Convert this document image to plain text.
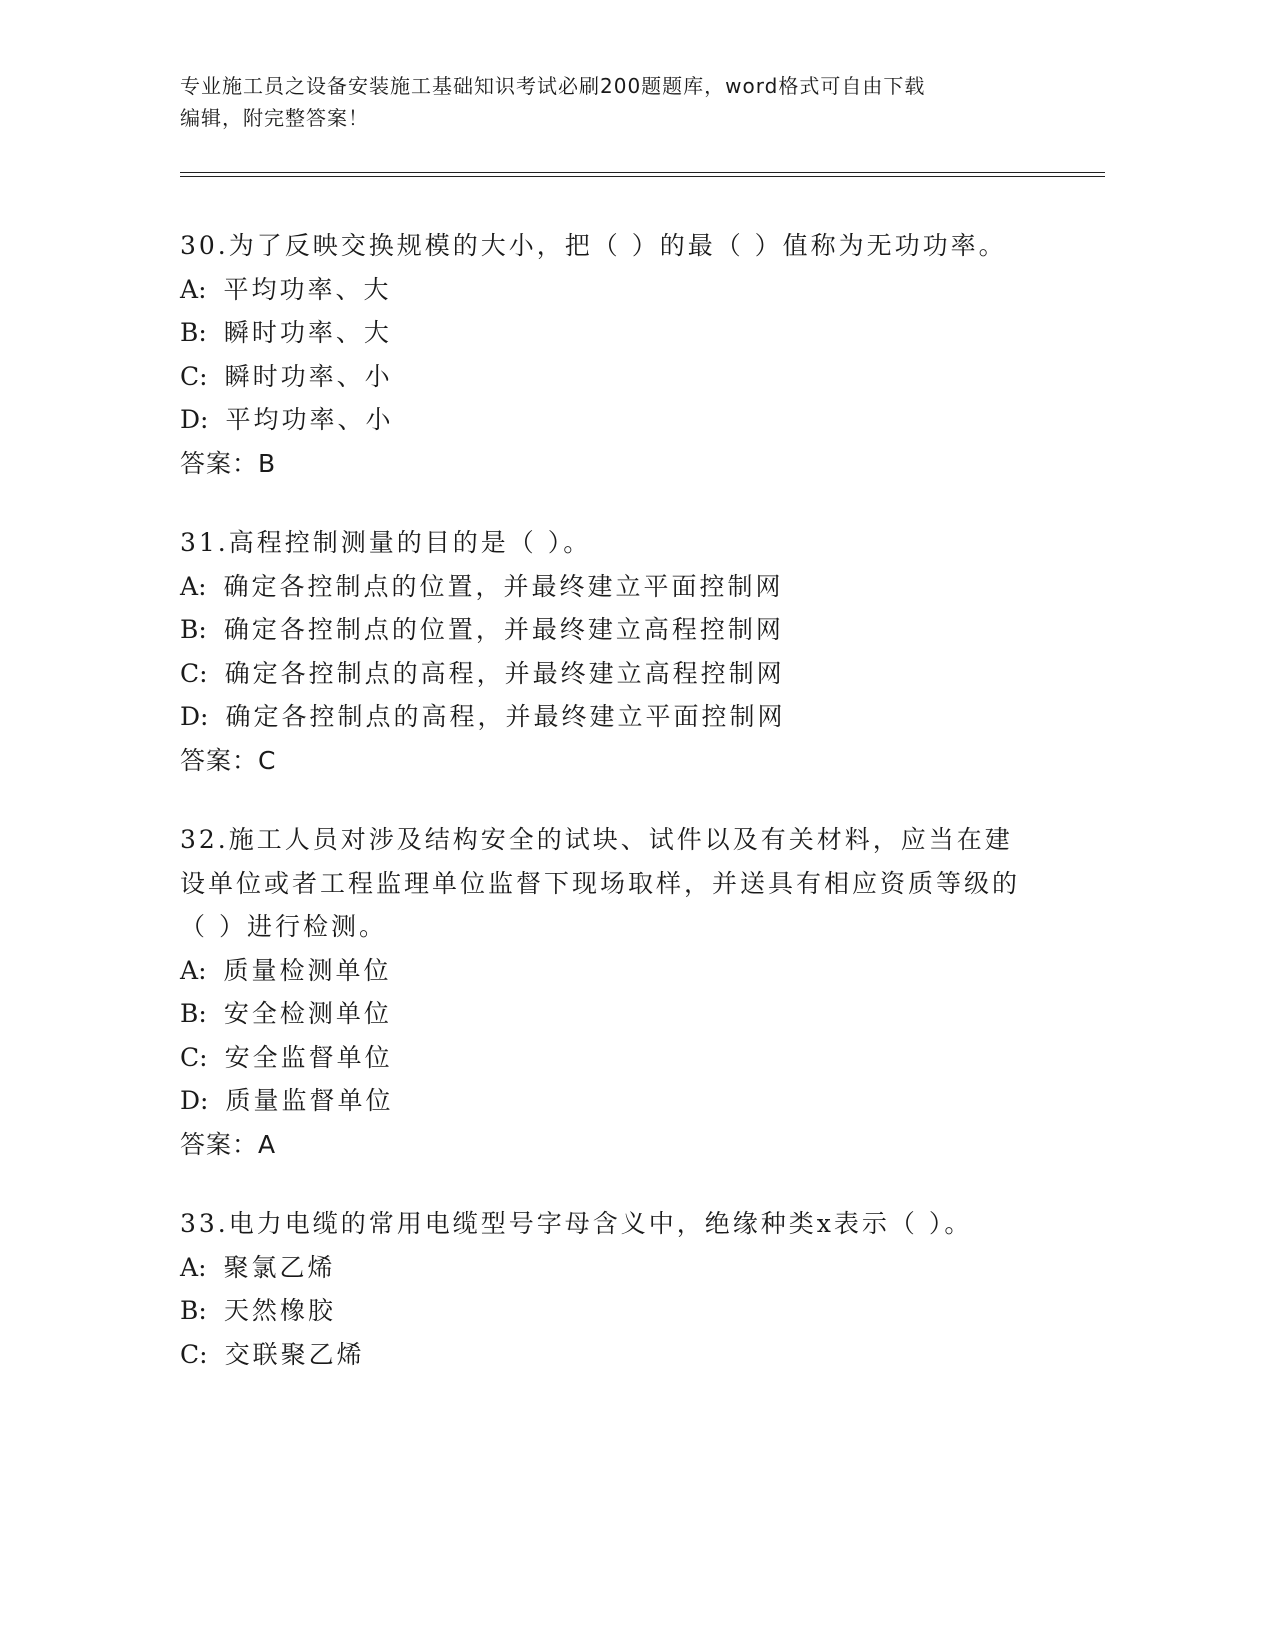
专业施工员之设备安装施工基础知识考试必刷200题题库，word格式可自由下载
编辑，附完整答案！
30.为了反映交换规模的大小，把（ ）的最（ ）值称为无功功率。
A: 平均功率、大
B: 瞬时功率、大
C: 瞬时功率、小
D: 平均功率、小
答案：B
31.高程控制测量的目的是（ ）。
A: 确定各控制点的位置，并最终建立平面控制网
B: 确定各控制点的位置，并最终建立高程控制网
C: 确定各控制点的高程，并最终建立高程控制网
D: 确定各控制点的高程，并最终建立平面控制网
答案：C
32.施工人员对涉及结构安全的试块、试件以及有关材料，应当在建设单位或者工程监理单位监督下现场取样，并送具有相应资质等级的（ ）进行检测。
A: 质量检测单位
B: 安全检测单位
C: 安全监督单位
D: 质量监督单位
答案：A
33.电力电缆的常用电缆型号字母含义中，绝缘种类x表示（ ）。
A: 聚氯乙烯
B: 天然橡胶
C: 交联聚乙烯
